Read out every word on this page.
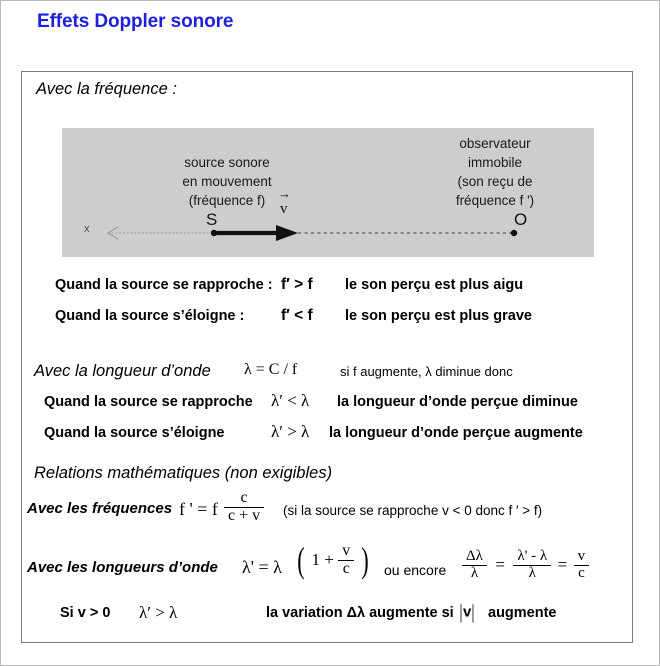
Effets Doppler sonore
Avec la fréquence :
source sonore
en mouvement
(fréquence f)
observateur
immobile
(son reçu de
fréquence f ')
x	S	O
→
v
Quand la source se rapproche : f′ > f le son perçu est plus aigu
Quand la source s’éloigne : f′ < f le son perçu est plus grave
Avec la longueur d’onde λ = C / f	si f augmente, λ diminue donc
Quand la source se rapproche λ′ < λ la longueur d’onde perçue diminue
Quand la source s’éloigne	λ′ > λ la longueur d’onde perçue augmente
Relations mathématiques (non exigibles)
Avec les fréquences f ' = f $\frac{c}{c + v} (si$ la source se rapproche v < 0 donc f ′ > f)
Avec les longueurs d’onde λ' = λ ( $1 + \frac{v}{c}$ ) ou encore $\frac{\Delta\lambda}{\lambda} = \frac{\lambda' - \lambda}{\lambda} = \frac{v}{c}$
Si v > 0 λ′ > λ	la variation Δλ augmente si |v| augmente
